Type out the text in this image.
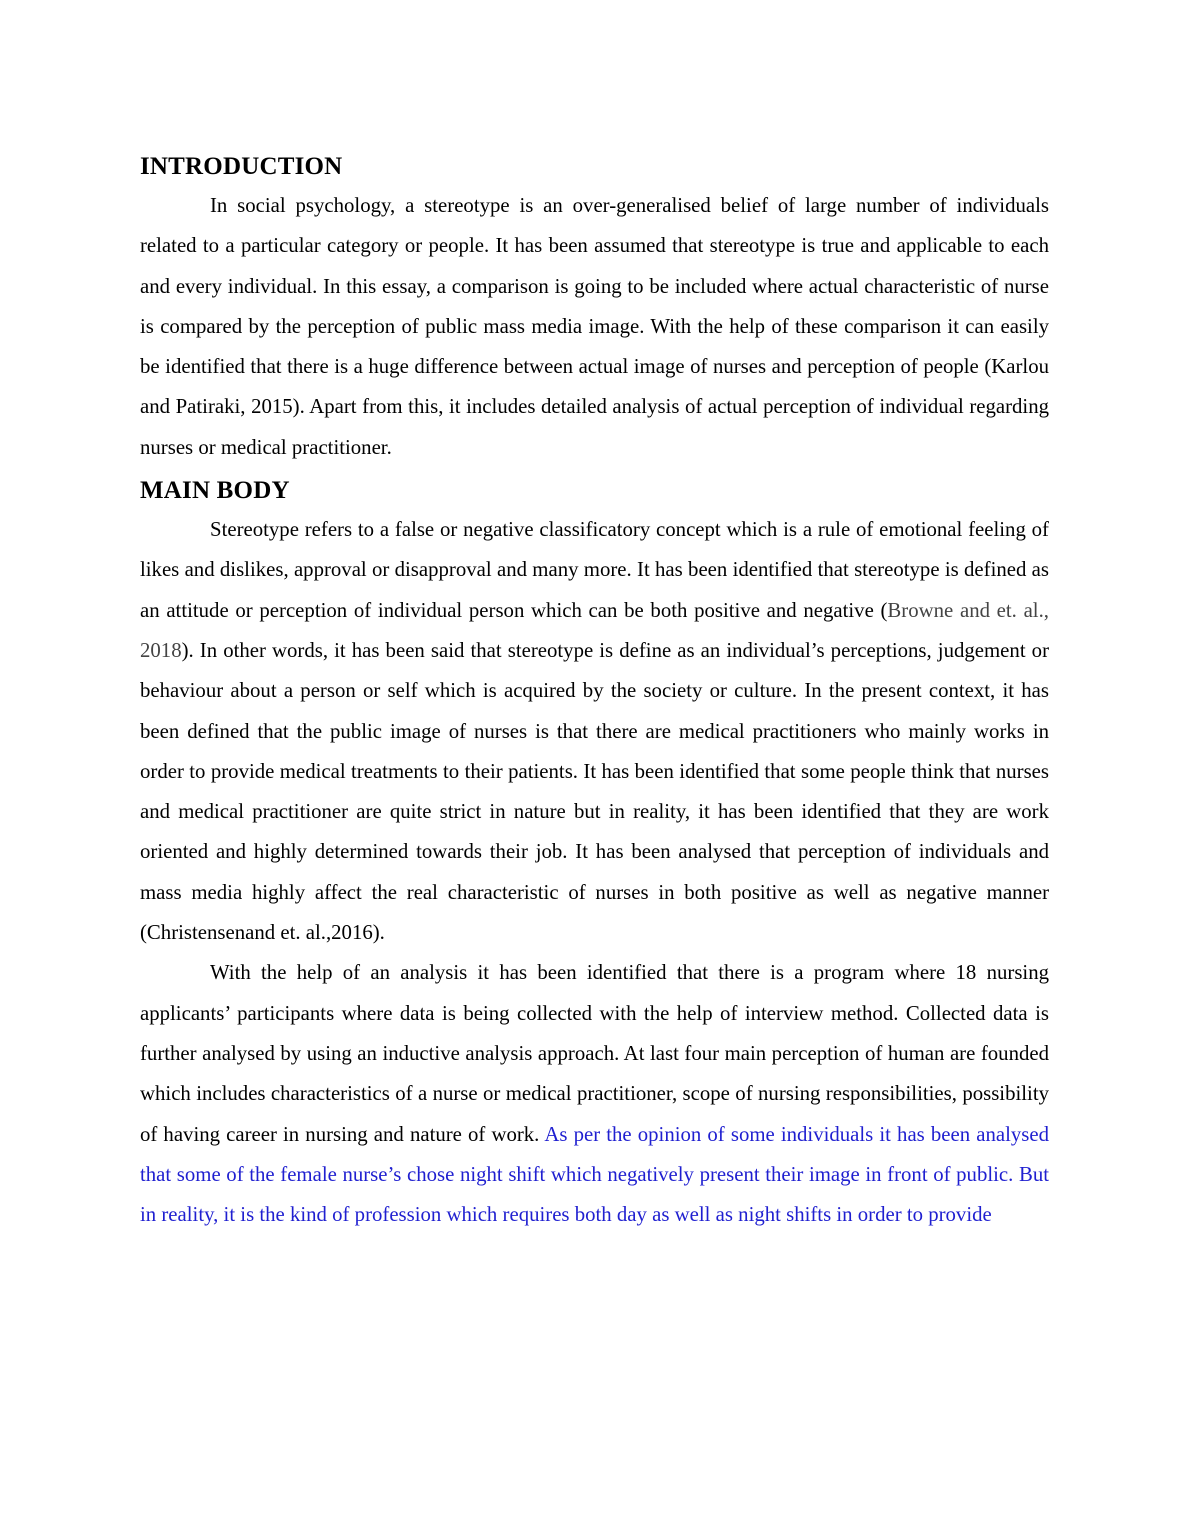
INTRODUCTION

In social psychology, a stereotype is an over-generalised belief of large number of individuals related to a particular category or people. It has been assumed that stereotype is true and applicable to each and every individual. In this essay, a comparison is going to be included where actual characteristic of nurse is compared by the perception of public mass media image. With the help of these comparison it can easily be identified that there is a huge difference between actual image of nurses and perception of people (Karlou and Patiraki, 2015). Apart from this, it includes detailed analysis of actual perception of individual regarding nurses or medical practitioner.

MAIN BODY

Stereotype refers to a false or negative classificatory concept which is a rule of emotional feeling of likes and dislikes, approval or disapproval and many more. It has been identified that stereotype is defined as an attitude or perception of individual person which can be both positive and negative (Browne and et. al., 2018). In other words, it has been said that stereotype is define as an individual’s perceptions, judgement or behaviour about a person or self which is acquired by the society or culture. In the present context, it has been defined that the public image of nurses is that there are medical practitioners who mainly works in order to provide medical treatments to their patients. It has been identified that some people think that nurses and medical practitioner are quite strict in nature but in reality, it has been identified that they are work oriented and highly determined towards their job. It has been analysed that perception of individuals and mass media highly affect the real characteristic of nurses in both positive as well as negative manner (Christensenand et. al.,2016).

With the help of an analysis it has been identified that there is a program where 18 nursing applicants’ participants where data is being collected with the help of interview method. Collected data is further analysed by using an inductive analysis approach. At last four main perception of human are founded which includes characteristics of a nurse or medical practitioner, scope of nursing responsibilities, possibility of having career in nursing and nature of work. As per the opinion of some individuals it has been analysed that some of the female nurse’s chose night shift which negatively present their image in front of public. But in reality, it is the kind of profession which requires both day as well as night shifts in order to provide
